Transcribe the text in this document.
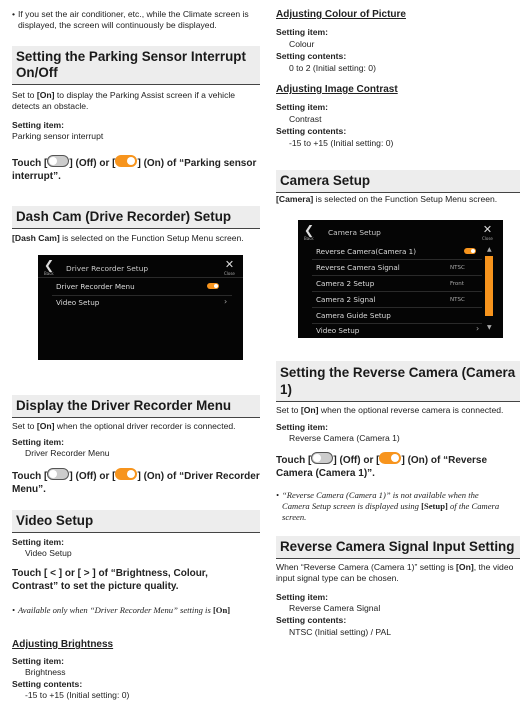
• If you set the air conditioner, etc., while the Climate screen is displayed, the screen will continuously be displayed.

Setting the Parking Sensor Interrupt On/Off

Set to [On] to display the Parking Assist screen if a vehicle detects an obstacle.

Setting item:

Parking sensor interrupt

Touch [ ] (Off) or [ ] (On) of “Parking sensor interrupt”.

Dash Cam (Drive Recorder) Setup

[Dash Cam] is selected on the Function Setup Menu screen.

❮
Back
Driver Recorder Setup	✕
Close
Driver Recorder Menu
Video Setup	›
Display the Driver Recorder Menu

Set to [On] when the optional driver recorder is connected.

Setting item:

Driver Recorder Menu

Touch [ ] (Off) or [ ] (On) of “Driver Recorder Menu”.

Video Setup

Setting item:

Video Setup

Touch [ < ] or [ > ] of “Brightness, Colour, Contrast” to set the picture quality.

• Available only when “Driver Recorder Menu” setting is [On]

Adjusting Brightness

Setting item:

Brightness

Setting contents:

-15 to +15 (Initial setting: 0)

Adjusting Colour of Picture

Setting item:

Colour

Setting contents:

0 to 2 (Initial setting: 0)

Adjusting Image Contrast

Setting item:

Contrast

Setting contents:

-15 to +15 (Initial setting: 0)

Camera Setup

[Camera] is selected on the Function Setup Menu screen.

❮
Back
Camera Setup	✕
Close
Reverse Camera(Camera 1)
Reverse Camera Signal	NTSC
Camera 2 Setup	Front
Camera 2 Signal	NTSC
Camera Guide Setup
Video Setup	›
▲
▼
Setting the Reverse Camera (Camera 1)

Set to [On] when the optional reverse camera is connected.

Setting item:

Reverse Camera (Camera 1)

Touch [ ] (Off) or [ ] (On) of “Reverse Camera (Camera 1)”.

• “Reverse Camera (Camera 1)” is not available when the Camera Setup screen is displayed using [Setup] of the Camera screen.

Reverse Camera Signal Input Setting

When “Reverse Camera (Camera 1)” setting is [On], the video input signal type can be chosen.

Setting item:

Reverse Camera Signal

Setting contents:

NTSC (Initial setting) / PAL
